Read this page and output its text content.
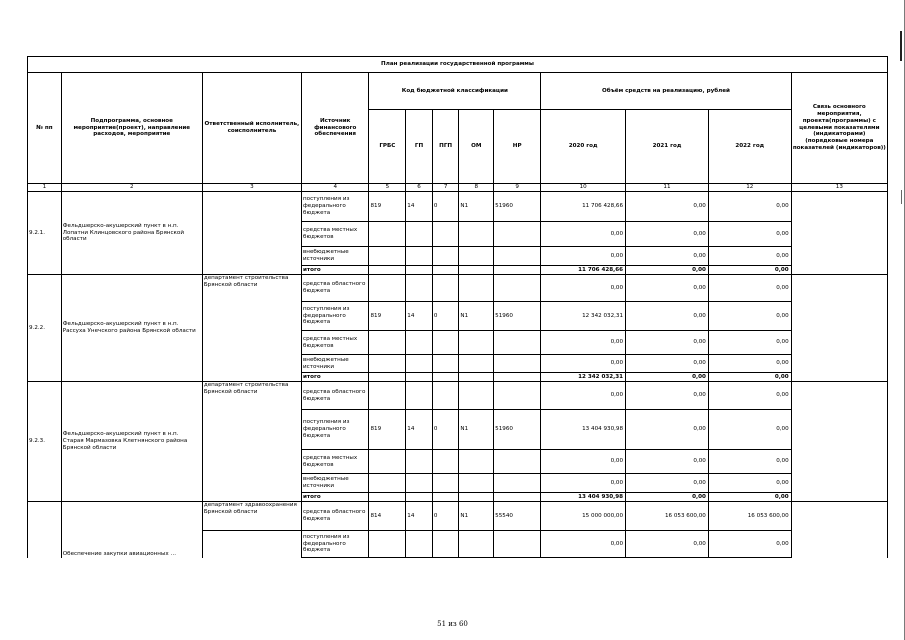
План реализации государственной программы												
№ пп	Подпрограмма, основное мероприятие(проект), направление расходов, мероприятие	Ответственный исполнитель, соисполнитель	Источник финансового обеспечения	Код бюджетной классификации					Объём средств на реализацию, рублей			Связь основного мероприятия, проекта(программы) с целевыми показателями (индикаторами) (порядковые номера показателей (индикаторов))
				ГРБС	ГП	ПГП	ОМ	НР	2020 год	2021 год	2022 год	
1	2	3	4	5	6	7	8	9	10	11	12	13
9.2.1.	Фельдшерско-акушерский пункт в н.п. Лопатни Клинцовского района Брянской области		поступления из федерального бюджета	819	14	0	N1	51960	11 706 428,66	0,00	0,00	
			средства местных бюджетов						0,00	0,00	0,00	
			внебюджетные источники						0,00	0,00	0,00	
			итого						11 706 428,66	0,00	0,00	
9.2.2.	Фельдшерско-акушерский пункт в н.п. Рассуха Унечского района Брянской области	департамент строительства Брянской области	средства областного бюджета						0,00	0,00	0,00	
			поступления из федерального бюджета	819	14	0	N1	51960	12 342 032,31	0,00	0,00	
			средства местных бюджетов						0,00	0,00	0,00	
			внебюджетные источники						0,00	0,00	0,00	
			итого						12 342 032,31	0,00	0,00	
9.2.3.	Фельдшерско-акушерский пункт в н.п. Старая Мармазовка Клетнянского района Брянской области	департамент строительства Брянской области	средства областного бюджета						0,00	0,00	0,00	
			поступления из федерального бюджета	819	14	0	N1	51960	13 404 930,98	0,00	0,00	
			средства местных бюджетов						0,00	0,00	0,00	
			внебюджетные источники						0,00	0,00	0,00	
			итого						13 404 930,98	0,00	0,00	
	Обеспечение закупки авиационных …	департамент здравоохранения Брянской области	средства областного бюджета	814	14	0	N1	55540	15 000 000,00	16 053 600,00	16 053 600,00	
			поступления из федерального бюджета						0,00	0,00	0,00	
51 из 60
